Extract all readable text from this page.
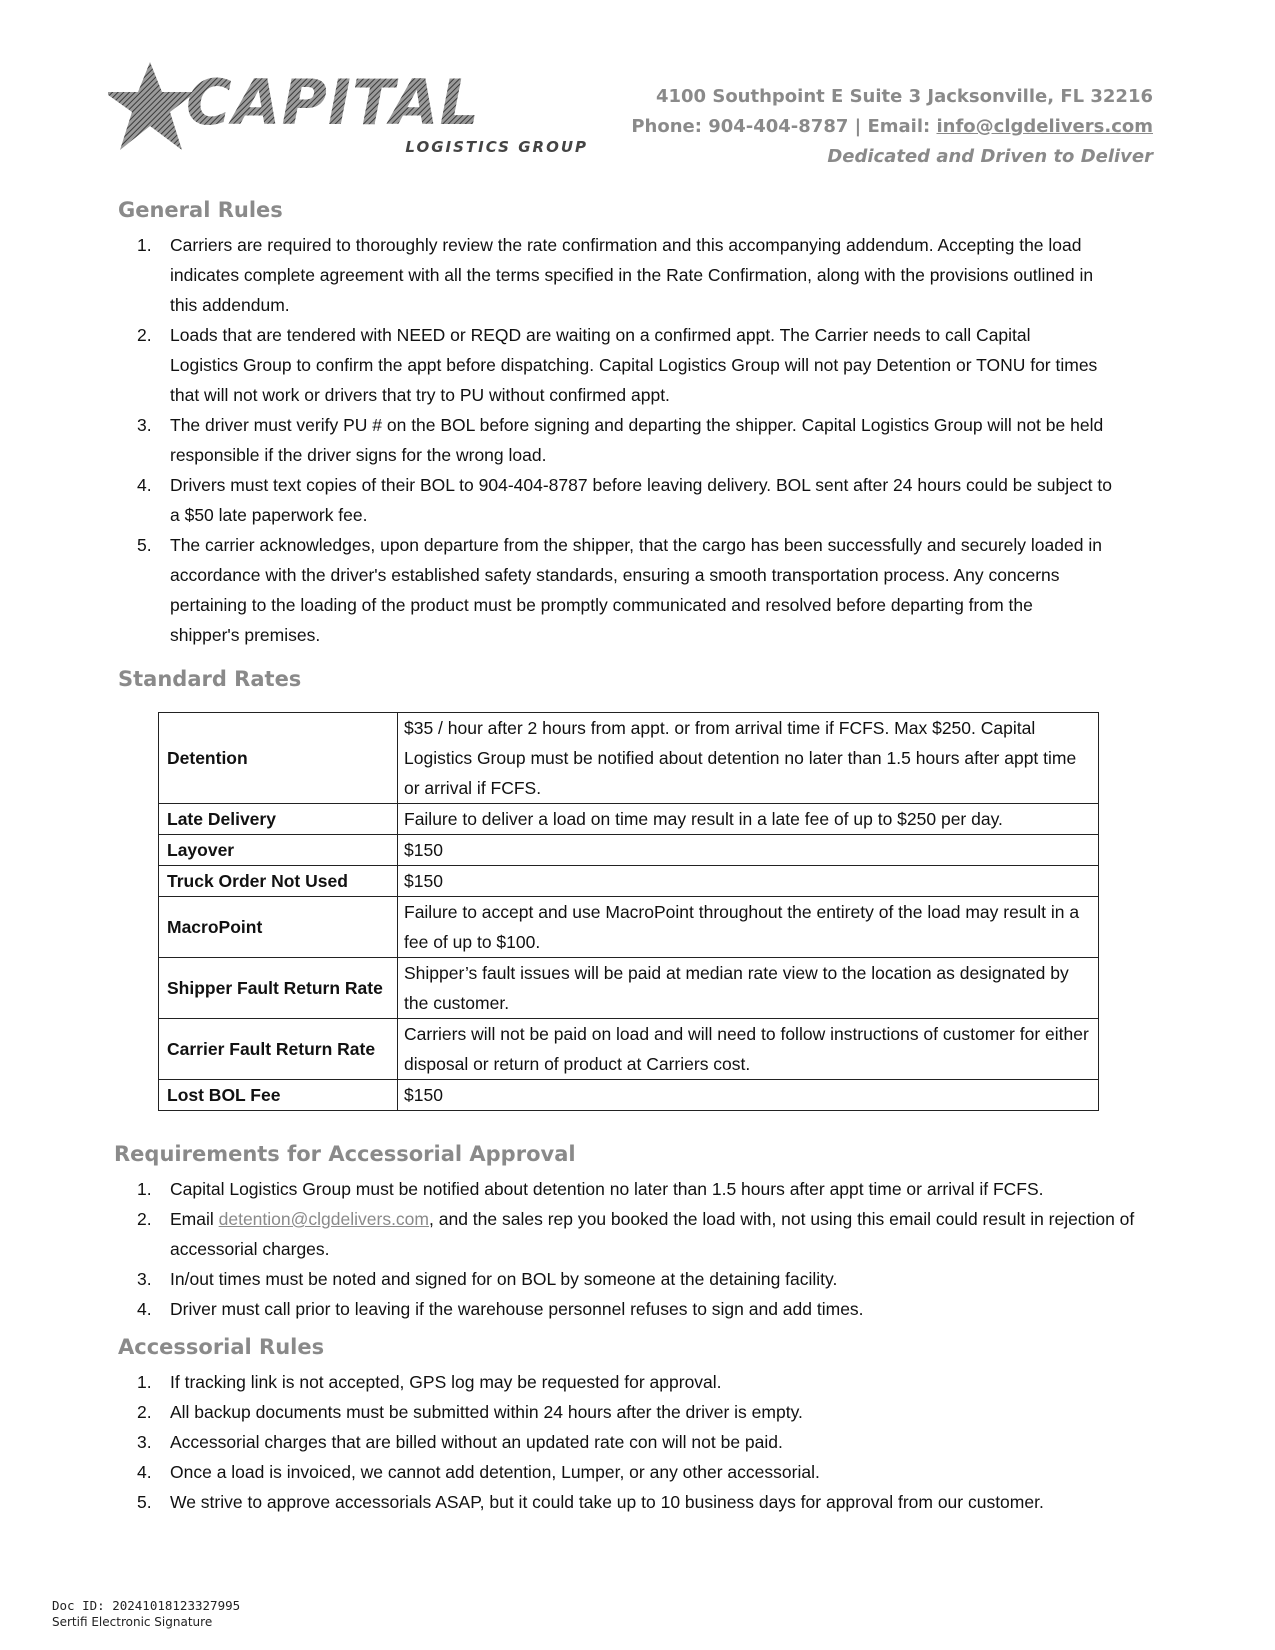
CAPITAL
LOGISTICS GROUP
4100 Southpoint E Suite 3 Jacksonville, FL 32216
Phone: 904-404-8787 | Email: info@clgdelivers.com
Dedicated and Driven to Deliver
General Rules
1. Carriers are required to thoroughly review the rate confirmation and this accompanying addendum. Accepting the load indicates complete agreement with all the terms specified in the Rate Confirmation, along with the provisions outlined in this addendum.
2. Loads that are tendered with NEED or REQD are waiting on a confirmed appt. The Carrier needs to call Capital Logistics Group to confirm the appt before dispatching. Capital Logistics Group will not pay Detention or TONU for times that will not work or drivers that try to PU without confirmed appt.
3. The driver must verify PU # on the BOL before signing and departing the shipper. Capital Logistics Group will not be held responsible if the driver signs for the wrong load.
4. Drivers must text copies of their BOL to 904-404-8787 before leaving delivery. BOL sent after 24 hours could be subject to a $50 late paperwork fee.
5. The carrier acknowledges, upon departure from the shipper, that the cargo has been successfully and securely loaded in accordance with the driver's established safety standards, ensuring a smooth transportation process. Any concerns pertaining to the loading of the product must be promptly communicated and resolved before departing from the shipper's premises.
Standard Rates
Detention	$35 / hour after 2 hours from appt. or from arrival time if FCFS. Max $250. Capital Logistics Group must be notified about detention no later than 1.5 hours after appt time or arrival if FCFS.
Late Delivery	Failure to deliver a load on time may result in a late fee of up to $250 per day.
Layover	$150
Truck Order Not Used	$150
MacroPoint	Failure to accept and use MacroPoint throughout the entirety of the load may result in a fee of up to $100.
Shipper Fault Return Rate	Shipper’s fault issues will be paid at median rate view to the location as designated by the customer.
Carrier Fault Return Rate	Carriers will not be paid on load and will need to follow instructions of customer for either disposal or return of product at Carriers cost.
Lost BOL Fee	$150
Requirements for Accessorial Approval
1. Capital Logistics Group must be notified about detention no later than 1.5 hours after appt time or arrival if FCFS.
2. Email detention@clgdelivers.com, and the sales rep you booked the load with, not using this email could result in rejection of accessorial charges.
3. In/out times must be noted and signed for on BOL by someone at the detaining facility.
4. Driver must call prior to leaving if the warehouse personnel refuses to sign and add times.
Accessorial Rules
1. If tracking link is not accepted, GPS log may be requested for approval.
2. All backup documents must be submitted within 24 hours after the driver is empty.
3. Accessorial charges that are billed without an updated rate con will not be paid.
4. Once a load is invoiced, we cannot add detention, Lumper, or any other accessorial.
5. We strive to approve accessorials ASAP, but it could take up to 10 business days for approval from our customer.
Doc ID: 20241018123327995
Sertifi Electronic Signature
